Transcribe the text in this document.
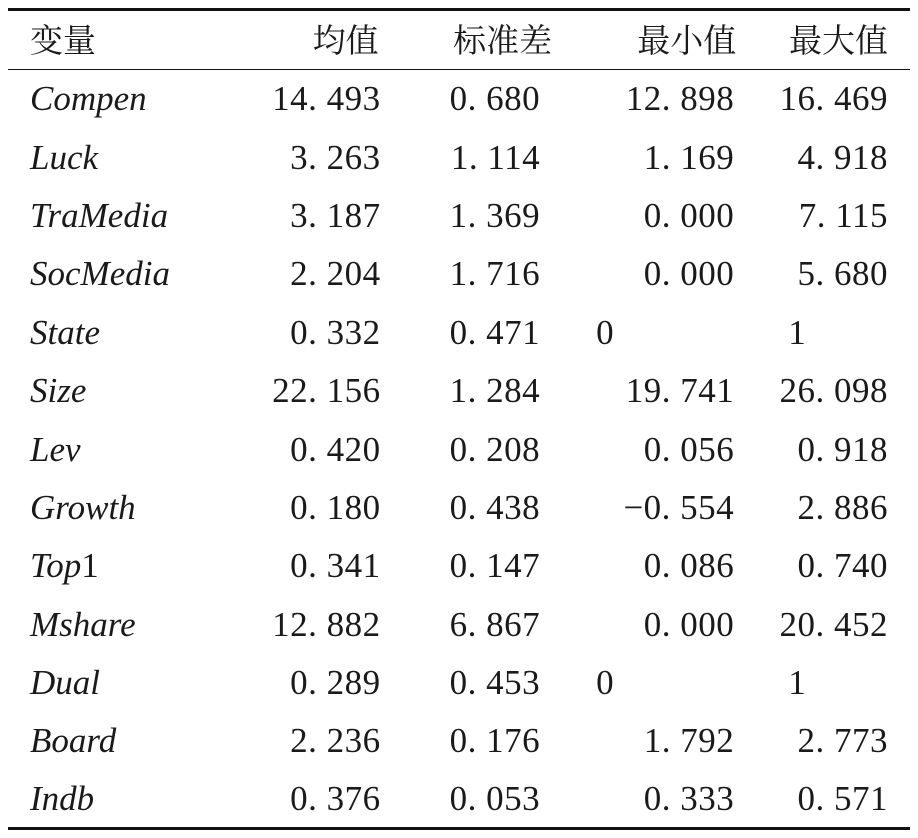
变量	均值	标准差	最小值	最大值
Compen	14. 493	0. 680	12. 898	16. 469
Luck	3. 263	1. 114	1. 169	4. 918
TraMedia	3. 187	1. 369	0. 000	7. 115
SocMedia	2. 204	1. 716	0. 000	5. 680
State	0. 332	0. 471	0	1
Size	22. 156	1. 284	19. 741	26. 098
Lev	0. 420	0. 208	0. 056	0. 918
Growth	0. 180	0. 438	−0. 554	2. 886
Top1	0. 341	0. 147	0. 086	0. 740
Mshare	12. 882	6. 867	0. 000	20. 452
Dual	0. 289	0. 453	0	1
Board	2. 236	0. 176	1. 792	2. 773
Indb	0. 376	0. 053	0. 333	0. 571
